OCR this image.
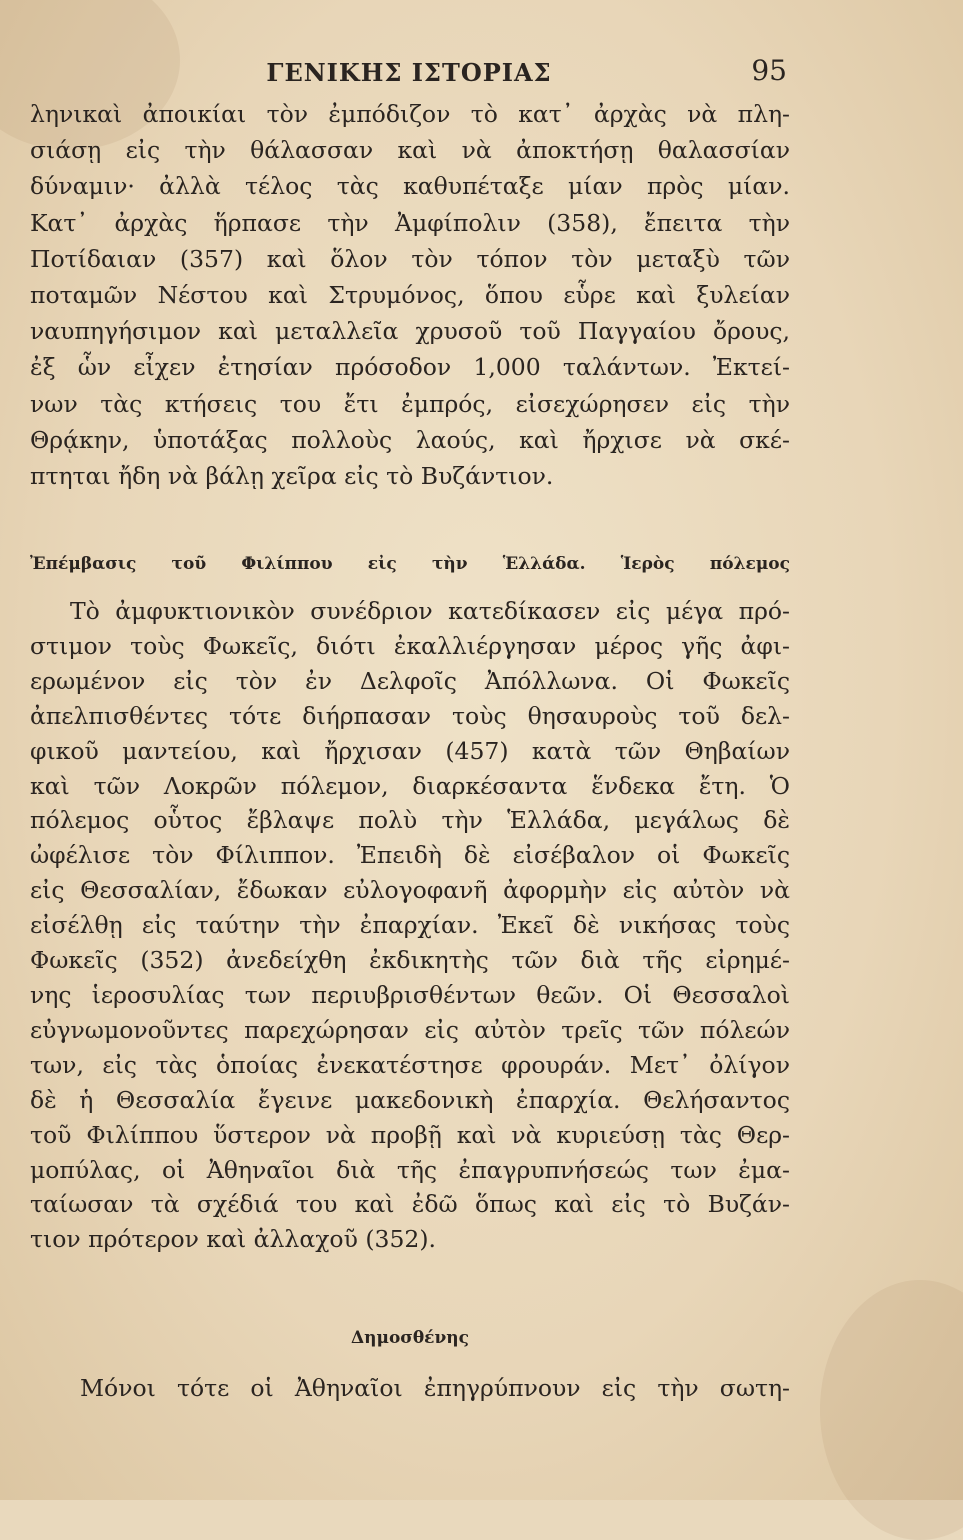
ΓΕΝΙΚΗΣ ΙΣΤΟΡΙΑΣ	95
ληνικαὶ ἀποικίαι τὸν ἐμπόδιζον τὸ κατ᾽ ἀρχὰς νὰ πλη-
σιάσῃ εἰς τὴν θάλασσαν καὶ νὰ ἀποκτήσῃ θαλασσίαν
δύναμιν· ἀλλὰ τέλος τὰς καθυπέταξε μίαν πρὸς μίαν.
Κατ᾽ ἀρχὰς ἥρπασε τὴν Ἀμφίπολιν (358), ἔπειτα τὴν
Ποτίδαιαν (357) καὶ ὅλον τὸν τόπον τὸν μεταξὺ τῶν
ποταμῶν Νέστου καὶ Στρυμόνος, ὅπου εὗρε καὶ ξυλείαν
ναυπηγήσιμον καὶ μεταλλεῖα χρυσοῦ τοῦ Παγγαίου ὄρους,
ἐξ ὧν εἶχεν ἐτησίαν πρόσοδον 1,000 ταλάντων. Ἐκτεί-
νων τὰς κτήσεις του ἔτι ἐμπρός, εἰσεχώρησεν εἰς τὴν
Θρᾴκην, ὑποτάξας πολλοὺς λαούς, καὶ ἤρχισε νὰ σκέ-
πτηται ἤδη νὰ βάλῃ χεῖρα εἰς τὸ Βυζάντιον.
Ἐπέμβασις τοῦ Φιλίππου εἰς τὴν Ἑλλάδα. Ἱερὸς πόλεμος
Τὸ ἀμφυκτιονικὸν συνέδριον κατεδίκασεν εἰς μέγα πρό-
στιμον τοὺς Φωκεῖς, διότι ἐκαλλιέργησαν μέρος γῆς ἀφι-
ερωμένον εἰς τὸν ἐν Δελφοῖς Ἀπόλλωνα. Οἱ Φωκεῖς
ἀπελπισθέντες τότε διήρπασαν τοὺς θησαυροὺς τοῦ δελ-
φικοῦ μαντείου, καὶ ἤρχισαν (457) κατὰ τῶν Θηβαίων
καὶ τῶν Λοκρῶν πόλεμον, διαρκέσαντα ἕνδεκα ἔτη. Ὁ
πόλεμος οὗτος ἔβλαψε πολὺ τὴν Ἑλλάδα, μεγάλως δὲ
ὠφέλισε τὸν Φίλιππον. Ἐπειδὴ δὲ εἰσέβαλον οἱ Φωκεῖς
εἰς Θεσσαλίαν, ἔδωκαν εὐλογοφανῆ ἀφορμὴν εἰς αὐτὸν νὰ
εἰσέλθῃ εἰς ταύτην τὴν ἐπαρχίαν. Ἐκεῖ δὲ νικήσας τοὺς
Φωκεῖς (352) ἀνεδείχθη ἐκδικητὴς τῶν διὰ τῆς εἰρημέ-
νης ἱεροσυλίας των περιυβρισθέντων θεῶν. Οἱ Θεσσαλοὶ
εὐγνωμονοῦντες παρεχώρησαν εἰς αὐτὸν τρεῖς τῶν πόλεών
των, εἰς τὰς ὁποίας ἐνεκατέστησε φρουράν. Μετ᾽ ὀλίγον
δὲ ἡ Θεσσαλία ἔγεινε μακεδονικὴ ἐπαρχία. Θελήσαντος
τοῦ Φιλίππου ὕστερον νὰ προβῇ καὶ νὰ κυριεύσῃ τὰς Θερ-
μοπύλας, οἱ Ἀθηναῖοι διὰ τῆς ἐπαγρυπνήσεώς των ἐμα-
ταίωσαν τὰ σχέδιά του καὶ ἐδῶ ὅπως καὶ εἰς τὸ Βυζάν-
τιον πρότερον καὶ ἀλλαχοῦ (352).
Δημοσθένης
Μόνοι τότε οἱ Ἀθηναῖοι ἐπηγρύπνουν εἰς τὴν σωτη-
